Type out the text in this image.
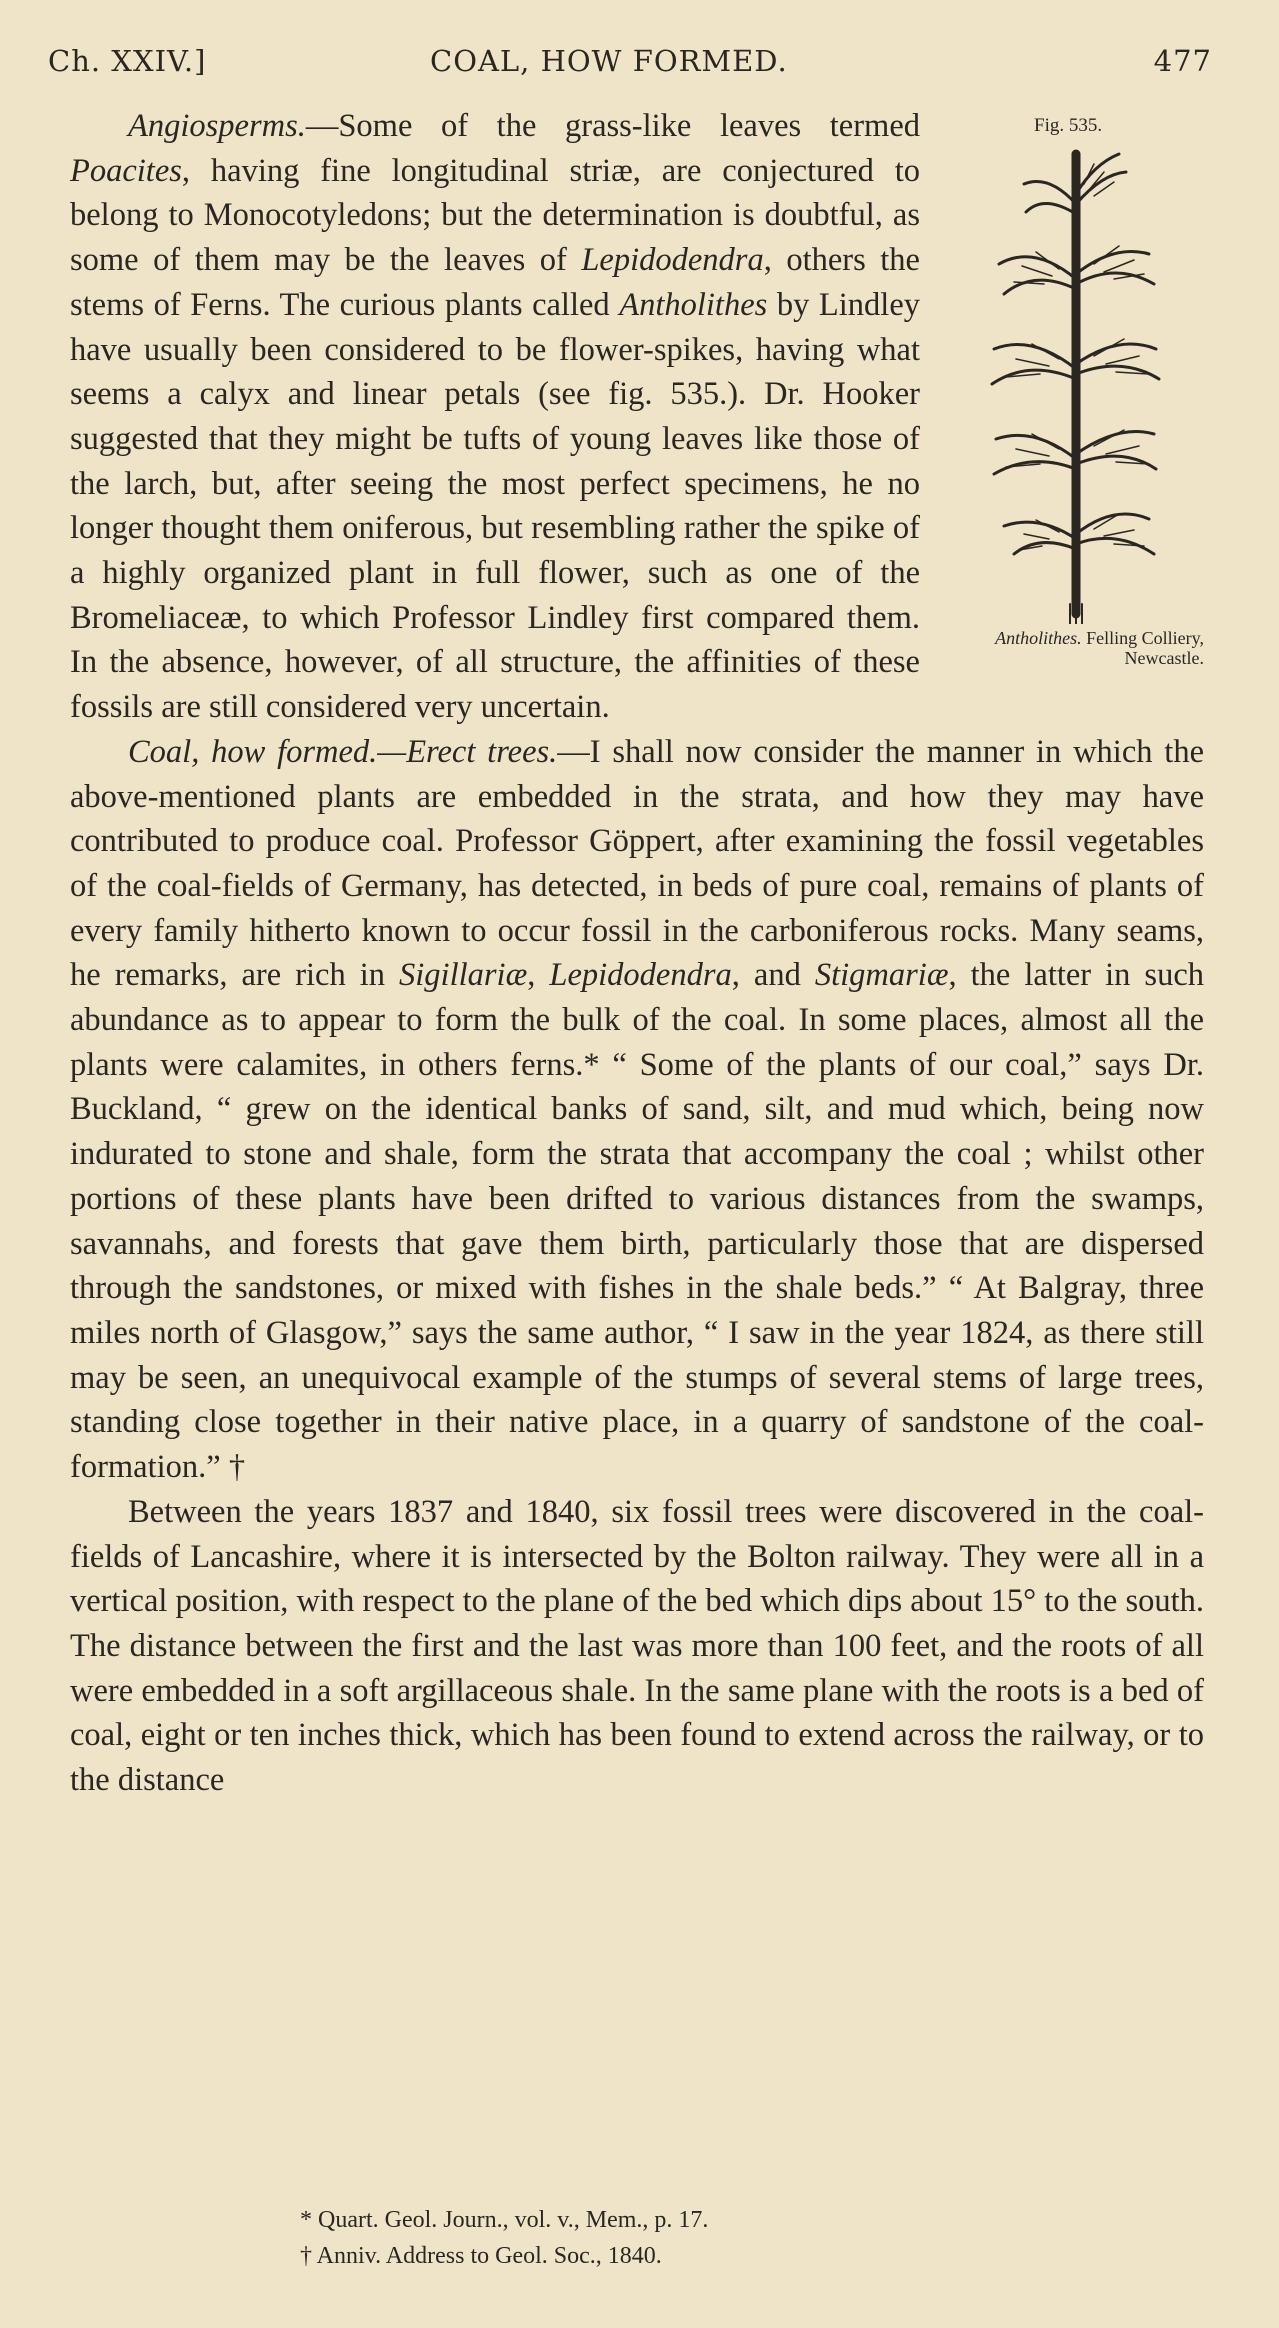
Ch. XXIV.]	COAL, HOW FORMED.	477
Fig. 535.
Antholithes. Felling Colliery, Newcastle.

Angiosperms.—Some of the grass-like leaves termed Poacites, having fine longitudinal striæ, are conjectured to belong to Monocotyledons; but the determination is doubtful, as some of them may be the leaves of Lepidodendra, others the stems of Ferns. The curious plants called Antholithes by Lindley have usually been considered to be flower-spikes, having what seems a calyx and linear petals (see fig. 535.). Dr. Hooker suggested that they might be tufts of young leaves like those of the larch, but, after seeing the most perfect specimens, he no longer thought them oniferous, but resembling rather the spike of a highly organized plant in full flower, such as one of the Bromeliaceæ, to which Professor Lindley first compared them. In the absence, however, of all structure, the affinities of these fossils are still considered very uncertain.

Coal, how formed.—Erect trees.—I shall now consider the manner in which the above-mentioned plants are embedded in the strata, and how they may have contributed to produce coal. Professor Göppert, after examining the fossil vegetables of the coal-fields of Germany, has detected, in beds of pure coal, remains of plants of every family hitherto known to occur fossil in the carboniferous rocks. Many seams, he remarks, are rich in Sigillariæ, Lepidodendra, and Stigmariæ, the latter in such abundance as to appear to form the bulk of the coal. In some places, almost all the plants were calamites, in others ferns.* “ Some of the plants of our coal,” says Dr. Buckland, “ grew on the identical banks of sand, silt, and mud which, being now indurated to stone and shale, form the strata that accompany the coal ; whilst other portions of these plants have been drifted to various distances from the swamps, savannahs, and forests that gave them birth, particularly those that are dispersed through the sandstones, or mixed with fishes in the shale beds.” “ At Balgray, three miles north of Glasgow,” says the same author, “ I saw in the year 1824, as there still may be seen, an unequivocal example of the stumps of several stems of large trees, standing close together in their native place, in a quarry of sandstone of the coal-formation.” †

Between the years 1837 and 1840, six fossil trees were discovered in the coal-fields of Lancashire, where it is intersected by the Bolton railway. They were all in a vertical position, with respect to the plane of the bed which dips about 15° to the south. The distance between the first and the last was more than 100 feet, and the roots of all were embedded in a soft argillaceous shale. In the same plane with the roots is a bed of coal, eight or ten inches thick, which has been found to extend across the railway, or to the distance

* Quart. Geol. Journ., vol. v., Mem., p. 17.
† Anniv. Address to Geol. Soc., 1840.
